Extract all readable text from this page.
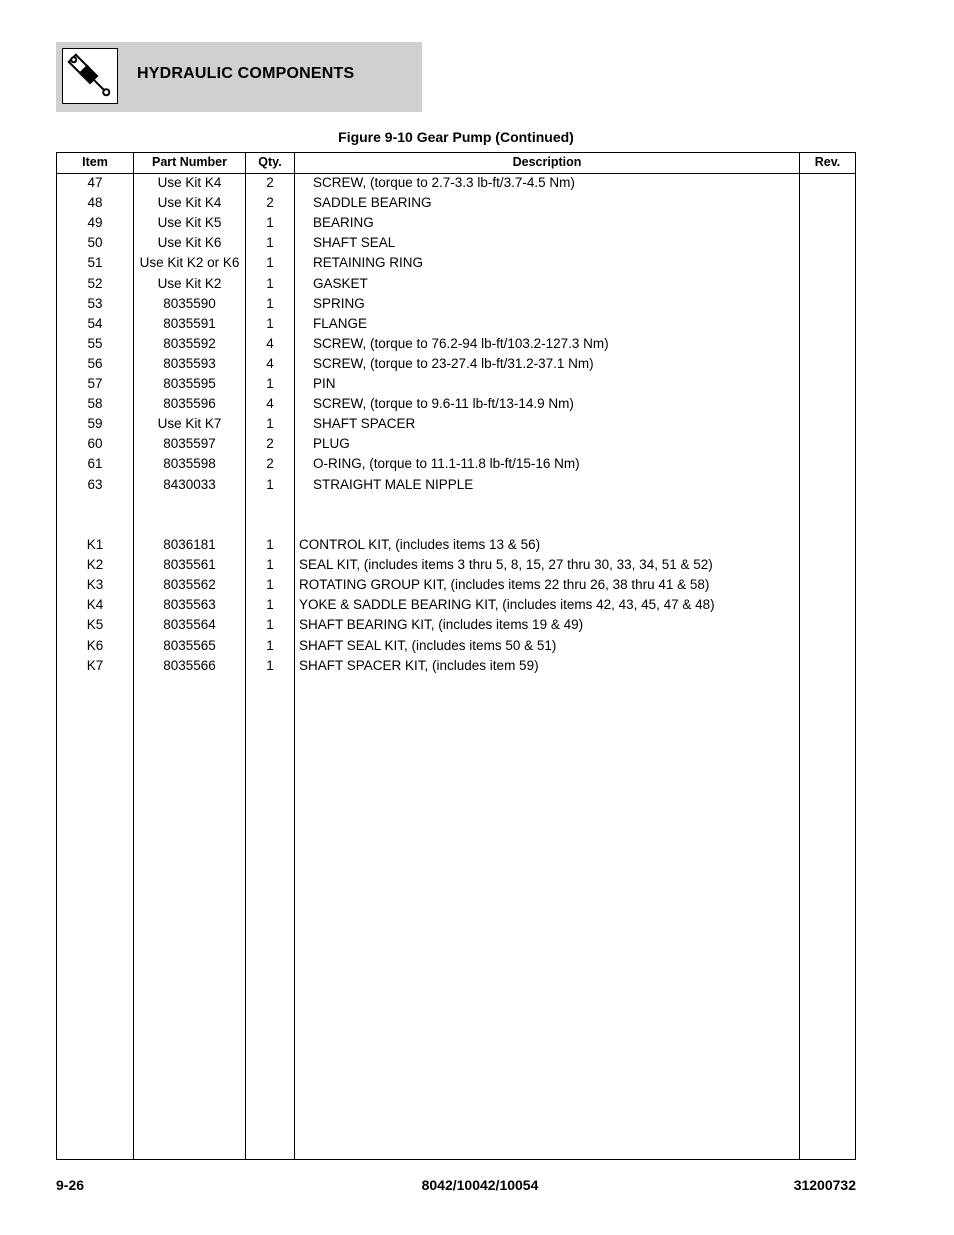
HYDRAULIC COMPONENTS
Figure 9-10 Gear Pump (Continued)
Item	Part Number	Qty.	Description	Rev.
47	Use Kit K4	2	SCREW, (torque to 2.7-3.3 lb-ft/3.7-4.5 Nm)
48	Use Kit K4	2	SADDLE BEARING
49	Use Kit K5	1	BEARING
50	Use Kit K6	1	SHAFT SEAL
51	Use Kit K2 or K6	1	RETAINING RING
52	Use Kit K2	1	GASKET
53	8035590	1	SPRING
54	8035591	1	FLANGE
55	8035592	4	SCREW, (torque to 76.2-94 lb-ft/103.2-127.3 Nm)
56	8035593	4	SCREW, (torque to 23-27.4 lb-ft/31.2-37.1 Nm)
57	8035595	1	PIN
58	8035596	4	SCREW, (torque to 9.6-11 lb-ft/13-14.9 Nm)
59	Use Kit K7	1	SHAFT SPACER
60	8035597	2	PLUG
61	8035598	2	O-RING, (torque to 11.1-11.8 lb-ft/15-16 Nm)
63	8430033	1	STRAIGHT MALE NIPPLE
K1	8036181	1	CONTROL KIT, (includes items 13 & 56)
K2	8035561	1	SEAL KIT, (includes items 3 thru 5, 8, 15, 27 thru 30, 33, 34, 51 & 52)
K3	8035562	1	ROTATING GROUP KIT, (includes items 22 thru 26, 38 thru 41 & 58)
K4	8035563	1	YOKE & SADDLE BEARING KIT, (includes items 42, 43, 45, 47 & 48)
K5	8035564	1	SHAFT BEARING KIT, (includes items 19 & 49)
K6	8035565	1	SHAFT SEAL KIT, (includes items 50 & 51)
K7	8035566	1	SHAFT SPACER KIT, (includes item 59)
9-26	8042/10042/10054	31200732
